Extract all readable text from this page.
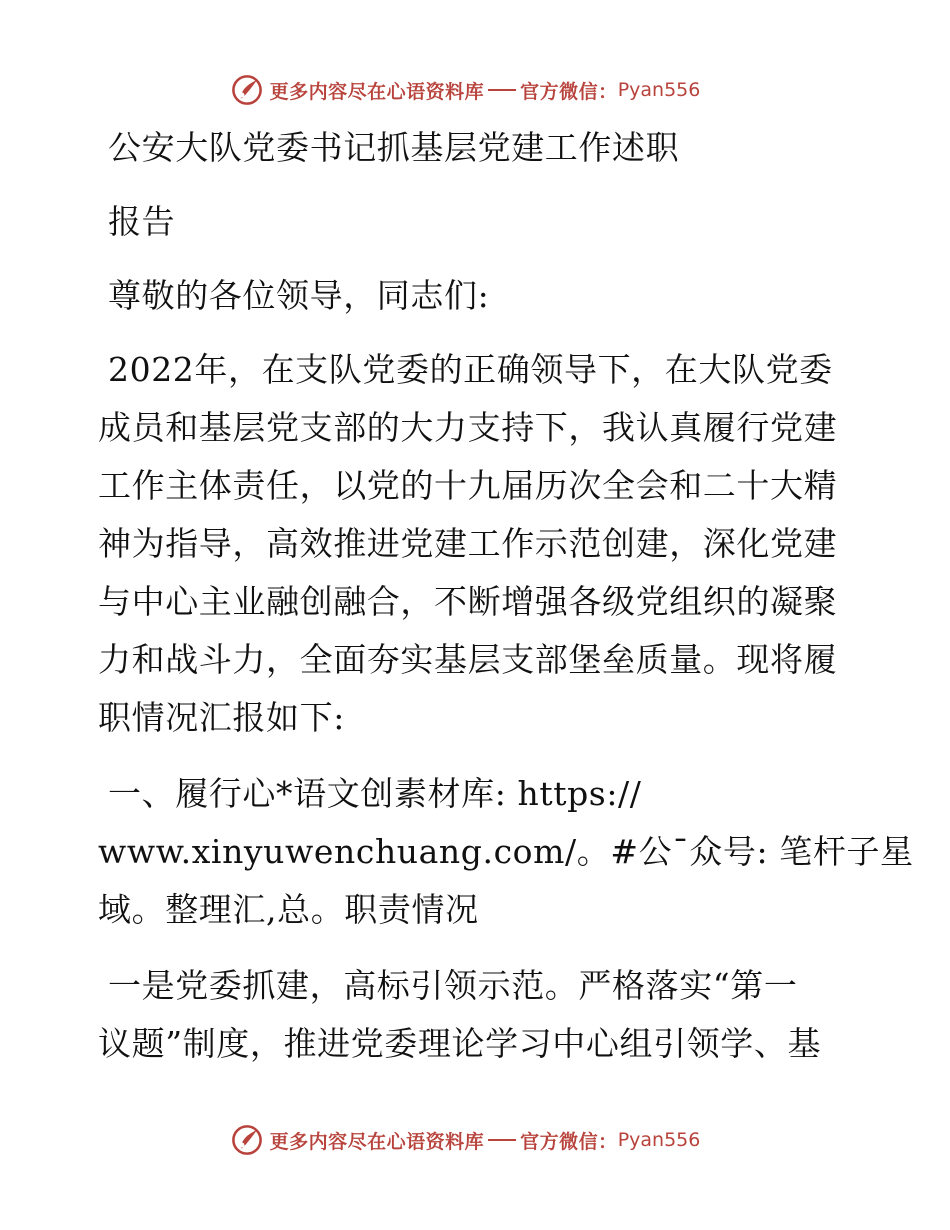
更多内容尽在心语资料库 官方微信： Pyan556
公安大队党委书记抓基层党建工作述职
报告
尊敬的各位领导，同志们:
2022年，在支队党委的正确领导下，在大队党委
成员和基层党支部的大力支持下，我认真履行党建
工作主体责任，以党的十九届历次全会和二十大精
神为指导，高效推进党建工作示范创建，深化党建
与中心主业融创融合，不断增强各级党组织的凝聚
力和战斗力，全面夯实基层支部堡垒质量。现将履
职情况汇报如下:
一、履行心*语文创素材库: https://
www.xinyuwenchuang.com/。#公¯众号: 笔杆子星
域。整理汇,总。职责情况
一是党委抓建，高标引领示范。严格落实“第一
议题”制度，推进党委理论学习中心组引领学、基
更多内容尽在心语资料库 官方微信： Pyan556
